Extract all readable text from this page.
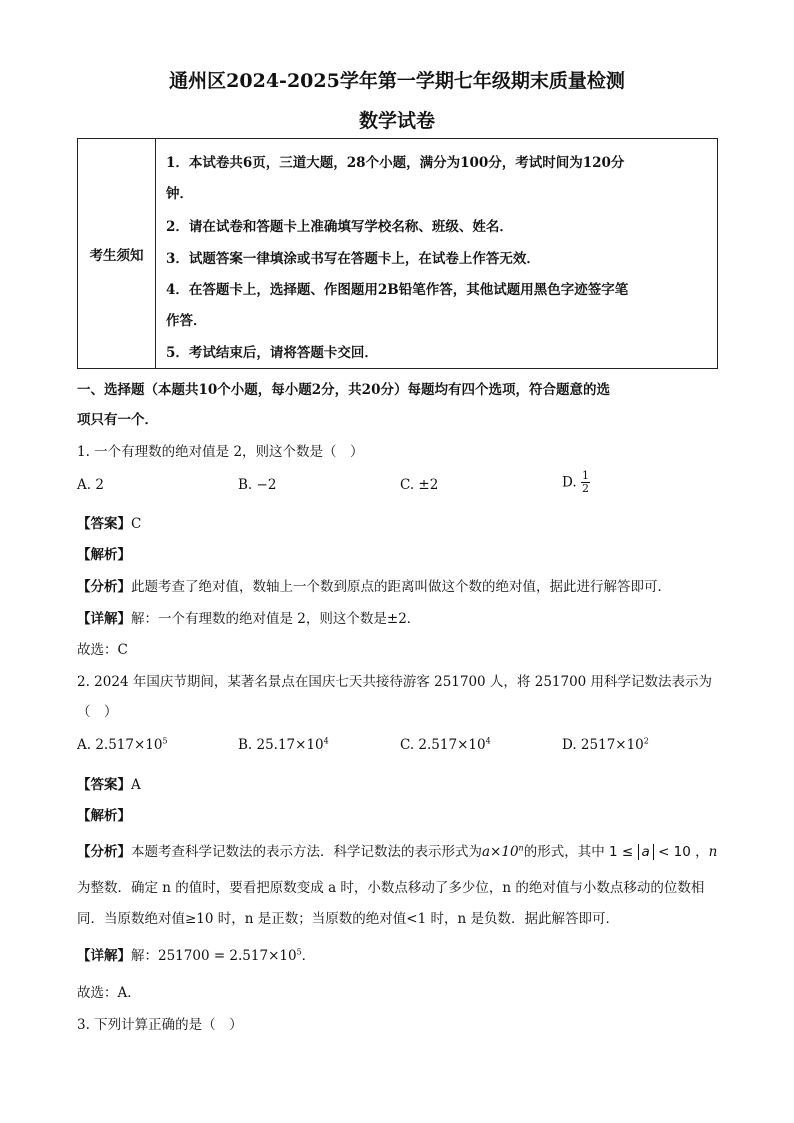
通州区2024-2025学年第一学期七年级期末质量检测
数学试卷
考生须知	
1．本试卷共6页，三道大题，28个小题，满分为100分，考试时间为120分
钟．
2．请在试卷和答题卡上准确填写学校名称、班级、姓名．
3．试题答案一律填涂或书写在答题卡上，在试卷上作答无效．
4．在答题卡上，选择题、作图题用2B铅笔作答，其他试题用黑色字迹签字笔
作答．
5．考试结束后，请将答题卡交回．
一、选择题（本题共10个小题，每小题2分，共20分）每题均有四个选项，符合题意的选
项只有一个．
1. 一个有理数的绝对值是 2，则这个数是（　）
A. 2	B. −2	C. ±2	D. $\frac{1}{2}$
【答案】C
【解析】
【分析】此题考查了绝对值，数轴上一个数到原点的距离叫做这个数的绝对值，据此进行解答即可．
【详解】解：一个有理数的绝对值是 2，则这个数是±2．
故选：C
2. 2024 年国庆节期间，某著名景点在国庆七天共接待游客 251700 人，将 251700 用科学记数法表示为
（　）
A. $2.517\times 10^5$	B. $25.17\times 10^4$	C. $2.517\times 10^4$	D. $2517\times 10^2$
【答案】A
【解析】
【分析】本题考查科学记数法的表示方法．科学记数法的表示形式为$a\times 10^n$的形式，其中 1 ≤ a < 10 ，n
为整数．确定 n 的值时，要看把原数变成 a 时，小数点移动了多少位，n 的绝对值与小数点移动的位数相
同．当原数绝对值≥10 时，n 是正数；当原数的绝对值<1 时，n 是负数．据此解答即可．
【详解】解：$251700 = 2.517\times 10^5$．
故选：A．
3. 下列计算正确的是（　）
